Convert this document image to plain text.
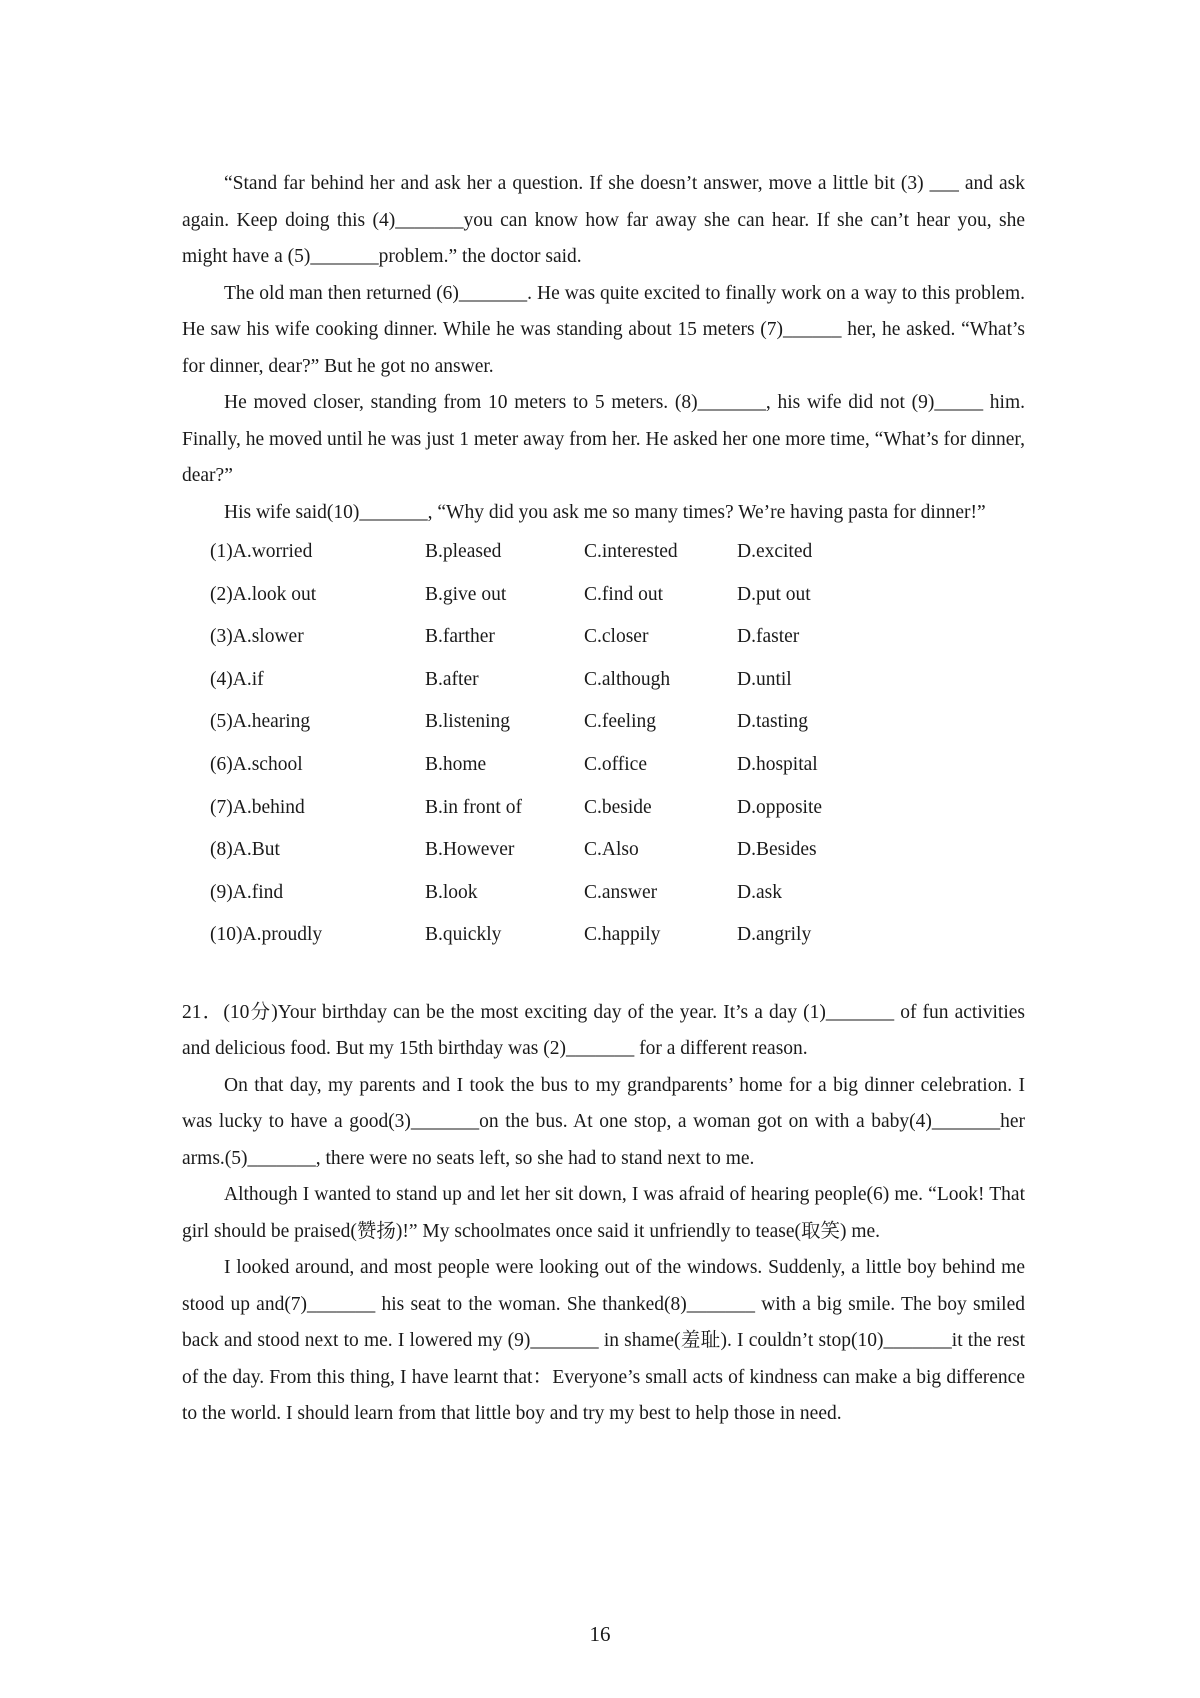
“Stand far behind her and ask her a question. If she doesn’t answer, move a little bit (3) ___ and ask again. Keep doing this (4)_______you can know how far away she can hear. If she can’t hear you, she might have a (5)_______problem.” the doctor said.

The old man then returned (6)_______. He was quite excited to finally work on a way to this problem. He saw his wife cooking dinner. While he was standing about 15 meters (7)______ her, he asked. “What’s for dinner, dear?” But he got no answer.

He moved closer, standing from 10 meters to 5 meters. (8)_______, his wife did not (9)_____ him. Finally, he moved until he was just 1 meter away from her. He asked her one more time, “What’s for dinner, dear?”

His wife said(10)_______, “Why did you ask me so many times? We’re having pasta for dinner!”

(1)A.worried	B.pleased	C.interested	D.excited
(2)A.look out	B.give out	C.find out	D.put out
(3)A.slower	B.farther	C.closer	D.faster
(4)A.if	B.after	C.although	D.until
(5)A.hearing	B.listening	C.feeling	D.tasting
(6)A.school	B.home	C.office	D.hospital
(7)A.behind	B.in front of	C.beside	D.opposite
(8)A.But	B.However	C.Also	D.Besides
(9)A.find	B.look	C.answer	D.ask
(10)A.proudly	B.quickly	C.happily	D.angrily

21．(10分)Your birthday can be the most exciting day of the year. It’s a day (1)_______ of fun activities and delicious food. But my 15th birthday was (2)_______ for a different reason.

On that day, my parents and I took the bus to my grandparents’ home for a big dinner celebration. I was lucky to have a good(3)_______on the bus. At one stop, a woman got on with a baby(4)_______her arms.(5)_______, there were no seats left, so she had to stand next to me.

Although I wanted to stand up and let her sit down, I was afraid of hearing people(6) me. “Look! That girl should be praised(赞扬)!” My schoolmates once said it unfriendly to tease(取笑) me.

I looked around, and most people were looking out of the windows. Suddenly, a little boy behind me stood up and(7)_______ his seat to the woman. She thanked(8)_______ with a big smile. The boy smiled back and stood next to me. I lowered my (9)_______ in shame(羞耻). I couldn’t stop(10)_______it the rest of the day. From this thing, I have learnt that：Everyone’s small acts of kindness can make a big difference to the world. I should learn from that little boy and try my best to help those in need.

16
